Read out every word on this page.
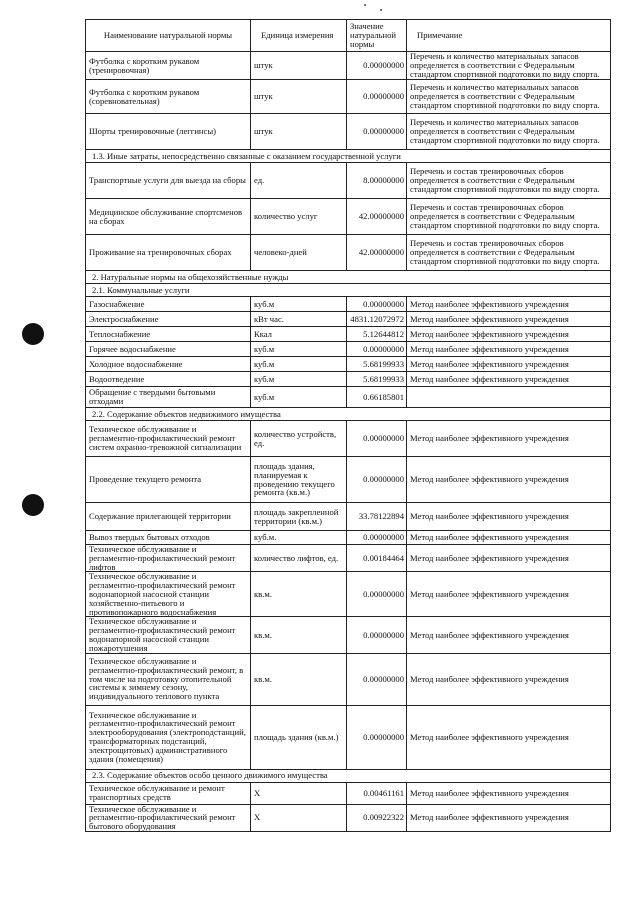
Наименование натуральной нормы	Единица измерения	Значение натуральной нормы	Примечание
Футболка с коротким рукавом (тренировочная)	штук	0.00000000	Перечень и количество материальных запасов определяется в соответствии с Федеральным стандартом спортивной подготовки по виду спорта.
Футболка с коротким рукавом (соревновательная)	штук	0.00000000	Перечень и количество материальных запасов определяется в соответствии с Федеральным стандартом спортивной подготовки по виду спорта.
Шорты тренировочные (леггинсы)	штук	0.00000000	Перечень и количество материальных запасов определяется в соответствии с Федеральным стандартом спортивной подготовки по виду спорта.
1.3. Иные затраты, непосредственно связанные с оказанием государственной услуги			
Транспортные услуги для выезда на сборы	ед.	8.00000000	Перечень и состав тренировочных сборов определяется в соответствии с Федеральным стандартом спортивной подготовки по виду спорта.
Медицинское обслуживание спортсменов на сборах	количество услуг	42.00000000	Перечень и состав тренировочных сборов определяется в соответствии с Федеральным стандартом спортивной подготовки по виду спорта.
Проживание на тренировочных сборах	человеко-дней	42.00000000	Перечень и состав тренировочных сборов определяется в соответствии с Федеральным стандартом спортивной подготовки по виду спорта.
2. Натуральные нормы на общехозяйственные нужды			
2.1. Коммунальные услуги			
Газоснабжение	куб.м	0.00000000	Метод наиболее эффективного учреждения
Электроснабжение	кВт час.	4831.12072972	Метод наиболее эффективного учреждения
Теплоснабжение	Ккал	5.12644812	Метод наиболее эффективного учреждения
Горячее водоснабжение	куб.м	0.00000000	Метод наиболее эффективного учреждения
Холодное водоснабжение	куб.м	5.68199933	Метод наиболее эффективного учреждения
Водоотведение	куб.м	5.68199933	Метод наиболее эффективного учреждения
Обращение с твердыми бытовыми отходами	куб.м	0.66185801	
2.2. Содержание объектов недвижимого имущества			
Техническое обслуживание и регламентно-профилактический ремонт систем охранно-тревожной сигнализации	количество устройств, ед.	0.00000000	Метод наиболее эффективного учреждения
Проведение текущего ремонта	площадь здания, планируемая к проведению текущего ремонта (кв.м.)	0.00000000	Метод наиболее эффективного учреждения
Содержание прилегающей территории	площадь закрепленной территории (кв.м.)	33.78122894	Метод наиболее эффективного учреждения
Вывоз твердых бытовых отходов	куб.м.	0.00000000	Метод наиболее эффективного учреждения
Техническое обслуживание и регламентно-профилактический ремонт лифтов	количество лифтов, ед.	0.00184464	Метод наиболее эффективного учреждения
Техническое обслуживание и регламентно-профилактический ремонт водонапорной насосной станции хозяйственно-питьевого и противопожарного водоснабжения	кв.м.	0.00000000	Метод наиболее эффективного учреждения
Техническое обслуживание и регламентно-профилактический ремонт водонапорной насосной станции пожаротушения	кв.м.	0.00000000	Метод наиболее эффективного учреждения
Техническое обслуживание и регламентно-профилактический ремонт, в том числе на подготовку отопительной системы к зимнему сезону, индивидуального теплового пункта	кв.м.	0.00000000	Метод наиболее эффективного учреждения
Техническое обслуживание и регламентно-профилактический ремонт электрооборудования (электроподстанций, трансформаторных подстанций, электрощитовых) административного здания (помещения)	площадь здания (кв.м.)	0.00000000	Метод наиболее эффективного учреждения
2.3. Содержание объектов особо ценного движимого имущества			
Техническое обслуживание и ремонт транспортных средств	X	0.00461161	Метод наиболее эффективного учреждения
Техническое обслуживание и регламентно-профилактический ремонт бытового оборудования	X	0.00922322	Метод наиболее эффективного учреждения
